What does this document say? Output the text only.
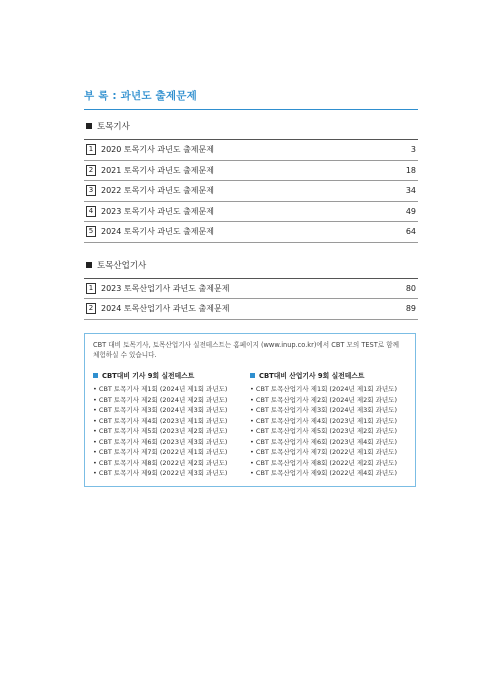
부 록 : 과년도 출제문제
토목기사
1 2020 토목기사 과년도 출제문제	3
2 2021 토목기사 과년도 출제문제	18
3 2022 토목기사 과년도 출제문제	34
4 2023 토목기사 과년도 출제문제	49
5 2024 토목기사 과년도 출제문제	64
토목산업기사
1 2023 토목산업기사 과년도 출제문제	80
2 2024 토목산업기사 과년도 출제문제	89

CBT 대비 토목기사, 토목산업기사 실전테스트는 홈페이지 (www.inup.co.kr)에서 CBT 모의 TEST로 함께 체험하실 수 있습니다.

CBT대비 기사 9회 실전테스트
• CBT 토목기사 제1회 (2024년 제1회 과년도)
• CBT 토목기사 제2회 (2024년 제2회 과년도)
• CBT 토목기사 제3회 (2024년 제3회 과년도)
• CBT 토목기사 제4회 (2023년 제1회 과년도)
• CBT 토목기사 제5회 (2023년 제2회 과년도)
• CBT 토목기사 제6회 (2023년 제3회 과년도)
• CBT 토목기사 제7회 (2022년 제1회 과년도)
• CBT 토목기사 제8회 (2022년 제2회 과년도)
• CBT 토목기사 제9회 (2022년 제3회 과년도)
CBT대비 산업기사 9회 실전테스트
• CBT 토목산업기사 제1회 (2024년 제1회 과년도)
• CBT 토목산업기사 제2회 (2024년 제2회 과년도)
• CBT 토목산업기사 제3회 (2024년 제3회 과년도)
• CBT 토목산업기사 제4회 (2023년 제1회 과년도)
• CBT 토목산업기사 제5회 (2023년 제2회 과년도)
• CBT 토목산업기사 제6회 (2023년 제4회 과년도)
• CBT 토목산업기사 제7회 (2022년 제1회 과년도)
• CBT 토목산업기사 제8회 (2022년 제2회 과년도)
• CBT 토목산업기사 제9회 (2022년 제4회 과년도)
